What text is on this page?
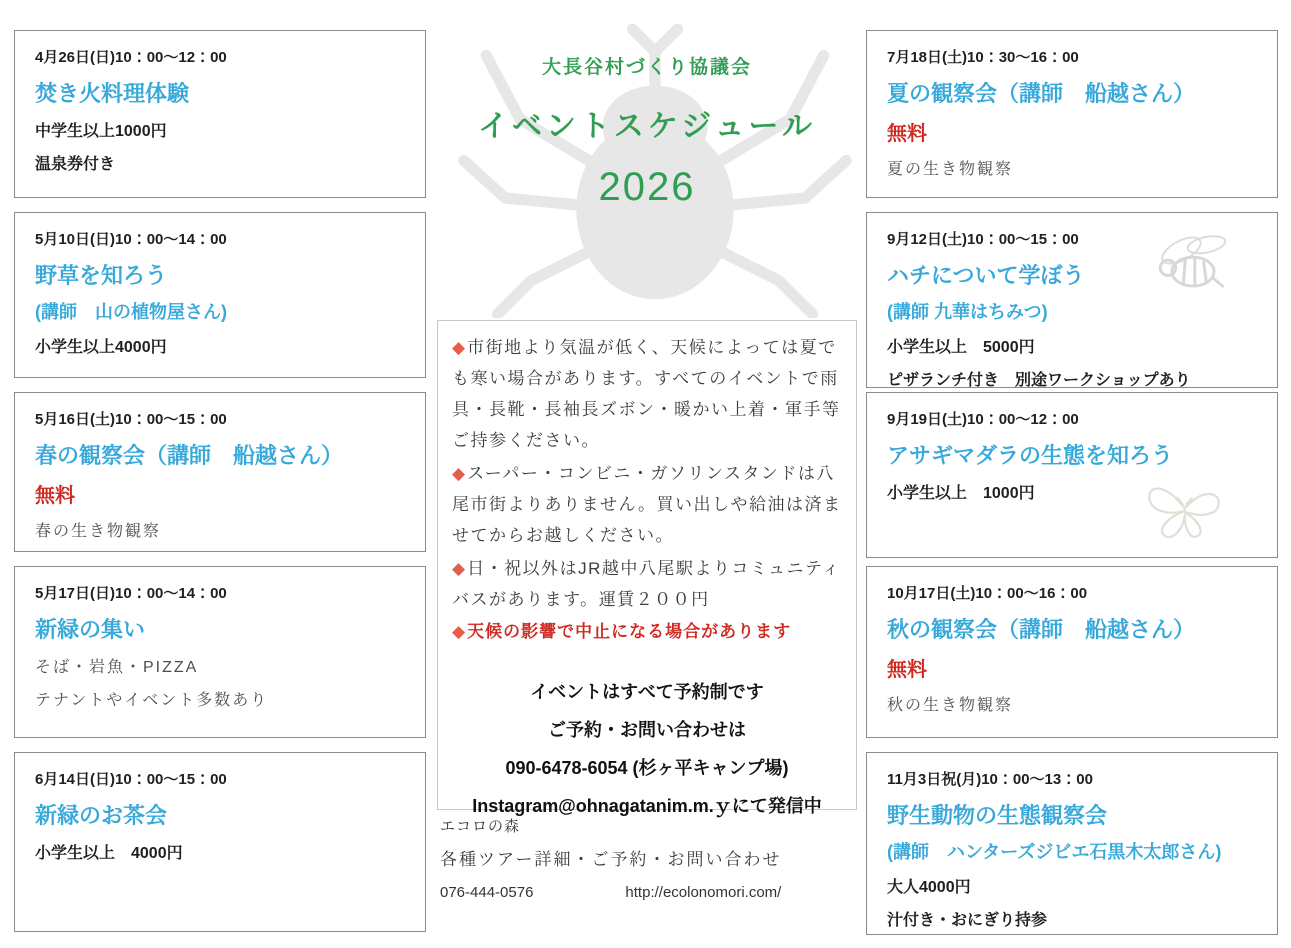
4月26日(日)10：00～12：00
焚き火料理体験
中学生以上1000円
温泉券付き
5月10日(日)10：00～14：00
野草を知ろう
(講師　山の植物屋さん)
小学生以上4000円
5月16日(土)10：00～15：00
春の観察会（講師　船越さん）
無料
春の生き物観察
5月17日(日)10：00～14：00
新緑の集い
そば・岩魚・PIZZA
テナントやイベント多数あり
6月14日(日)10：00～15：00
新緑のお茶会
小学生以上　4000円
大長谷村づくり協議会
イベントスケジュール
2026
◆ 市街地より気温が低く、天候によっては夏でも寒い場合があります。すべてのイベントで雨具・長靴・長袖長ズボン・暖かい上着・軍手等ご持参ください。
◆ スーパー・コンビニ・ガソリンスタンドは八尾市街よりありません。買い出しや給油は済ませてからお越しください。
◆ 日・祝以外はJR越中八尾駅よりコミュニティバスがあります。運賃２００円
◆ 天候の影響で中止になる場合があります
イベントはすべて予約制です
ご予約・お問い合わせは
090-6478-6054 (杉ヶ平キャンプ場)
Instagram@ohnagatanim.m.ｙにて発信中
エコロの森
各種ツアー詳細・ご予約・お問い合わせ
076-444-0576	http://ecolonomori.com/
7月18日(土)10：30～16：00
夏の観察会（講師　船越さん）
無料
夏の生き物観察
9月12日(土)10：00～15：00
ハチについて学ぼう
(講師 九華はちみつ)
小学生以上　5000円
ピザランチ付き　別途ワークショップあり
9月19日(土)10：00～12：00
アサギマダラの生態を知ろう
小学生以上　1000円
10月17日(土)10：00～16：00
秋の観察会（講師　船越さん）
無料
秋の生き物観察
11月3日祝(月)10：00～13：00
野生動物の生態観察会
(講師　ハンターズジビエ石黒木太郎さん)
大人4000円
汁付き・おにぎり持参
